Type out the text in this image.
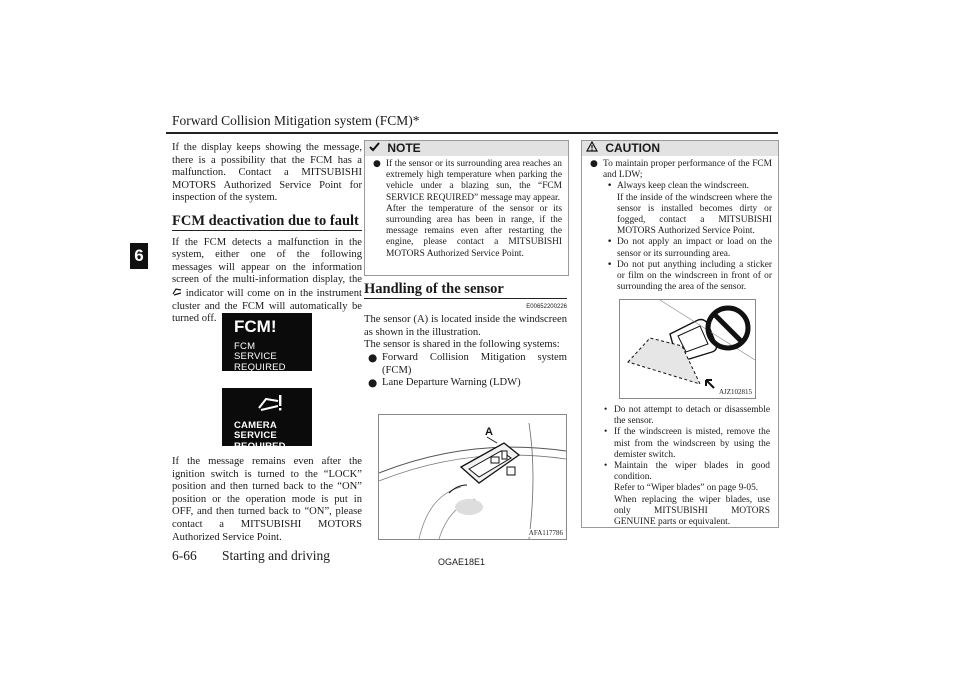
Forward Collision Mitigation system (FCM)*
6

If the display keeps showing the message, there is a possibility that the FCM has a malfunction. Contact a MITSUBISHI MOTORS Authorized Service Point for inspection of the system.

FCM deactivation due to fault

If the FCM detects a malfunction in the system, either one of the following messages will appear on the information screen of the multi-information display, the  indicator will come on in the instrument cluster and the FCM will automatically be turned off.	FCM!
FCM
SERVICE REQUIRED
CAMERA
SERVICE REQUIRED

If the message remains even after the ignition switch is turned to the “LOCK” position and then turned back to the “ON” position or the operation mode is put in OFF, and then turned back to “ON”, please contact a MITSUBISHI MOTORS Authorized Service Point.

NOTE
● If the sensor or its surrounding area reaches an extremely high temperature when parking the vehicle under a blazing sun, the “FCM SERVICE REQUIRED” message may appear.
After the temperature of the sensor or its surrounding area has been in range, if the message remains even after restarting the engine, please contact a MITSUBISHI MOTORS Authorized Service Point.
Handling of the sensor
E00652200226

The sensor (A) is located inside the windscreen as shown in the illustration.

The sensor is shared in the following systems:

● Forward Collision Mitigation system (FCM)
● Lane Departure Warning (LDW)
A
AFA117786
CAUTION
● To maintain proper performance of the FCM and LDW;
• Always keep clean the windscreen.
If the inside of the windscreen where the sensor is installed becomes dirty or fogged, contact a MITSUBISHI MOTORS Authorized Service Point.
• Do not apply an impact or load on the sensor or its surrounding area.
• Do not put anything including a sticker or film on the windscreen in front of or surrounding the area of the sensor.
AJZ102815
• Do not attempt to detach or disassemble the sensor.
• If the windscreen is misted, remove the mist from the windscreen by using the demister switch.
• Maintain the wiper blades in good condition.
Refer to “Wiper blades” on page 9-05.
When replacing the wiper blades, use only MITSUBISHI MOTORS GENUINE parts or equivalent.
6-66 Starting and driving	OGAE18E1
